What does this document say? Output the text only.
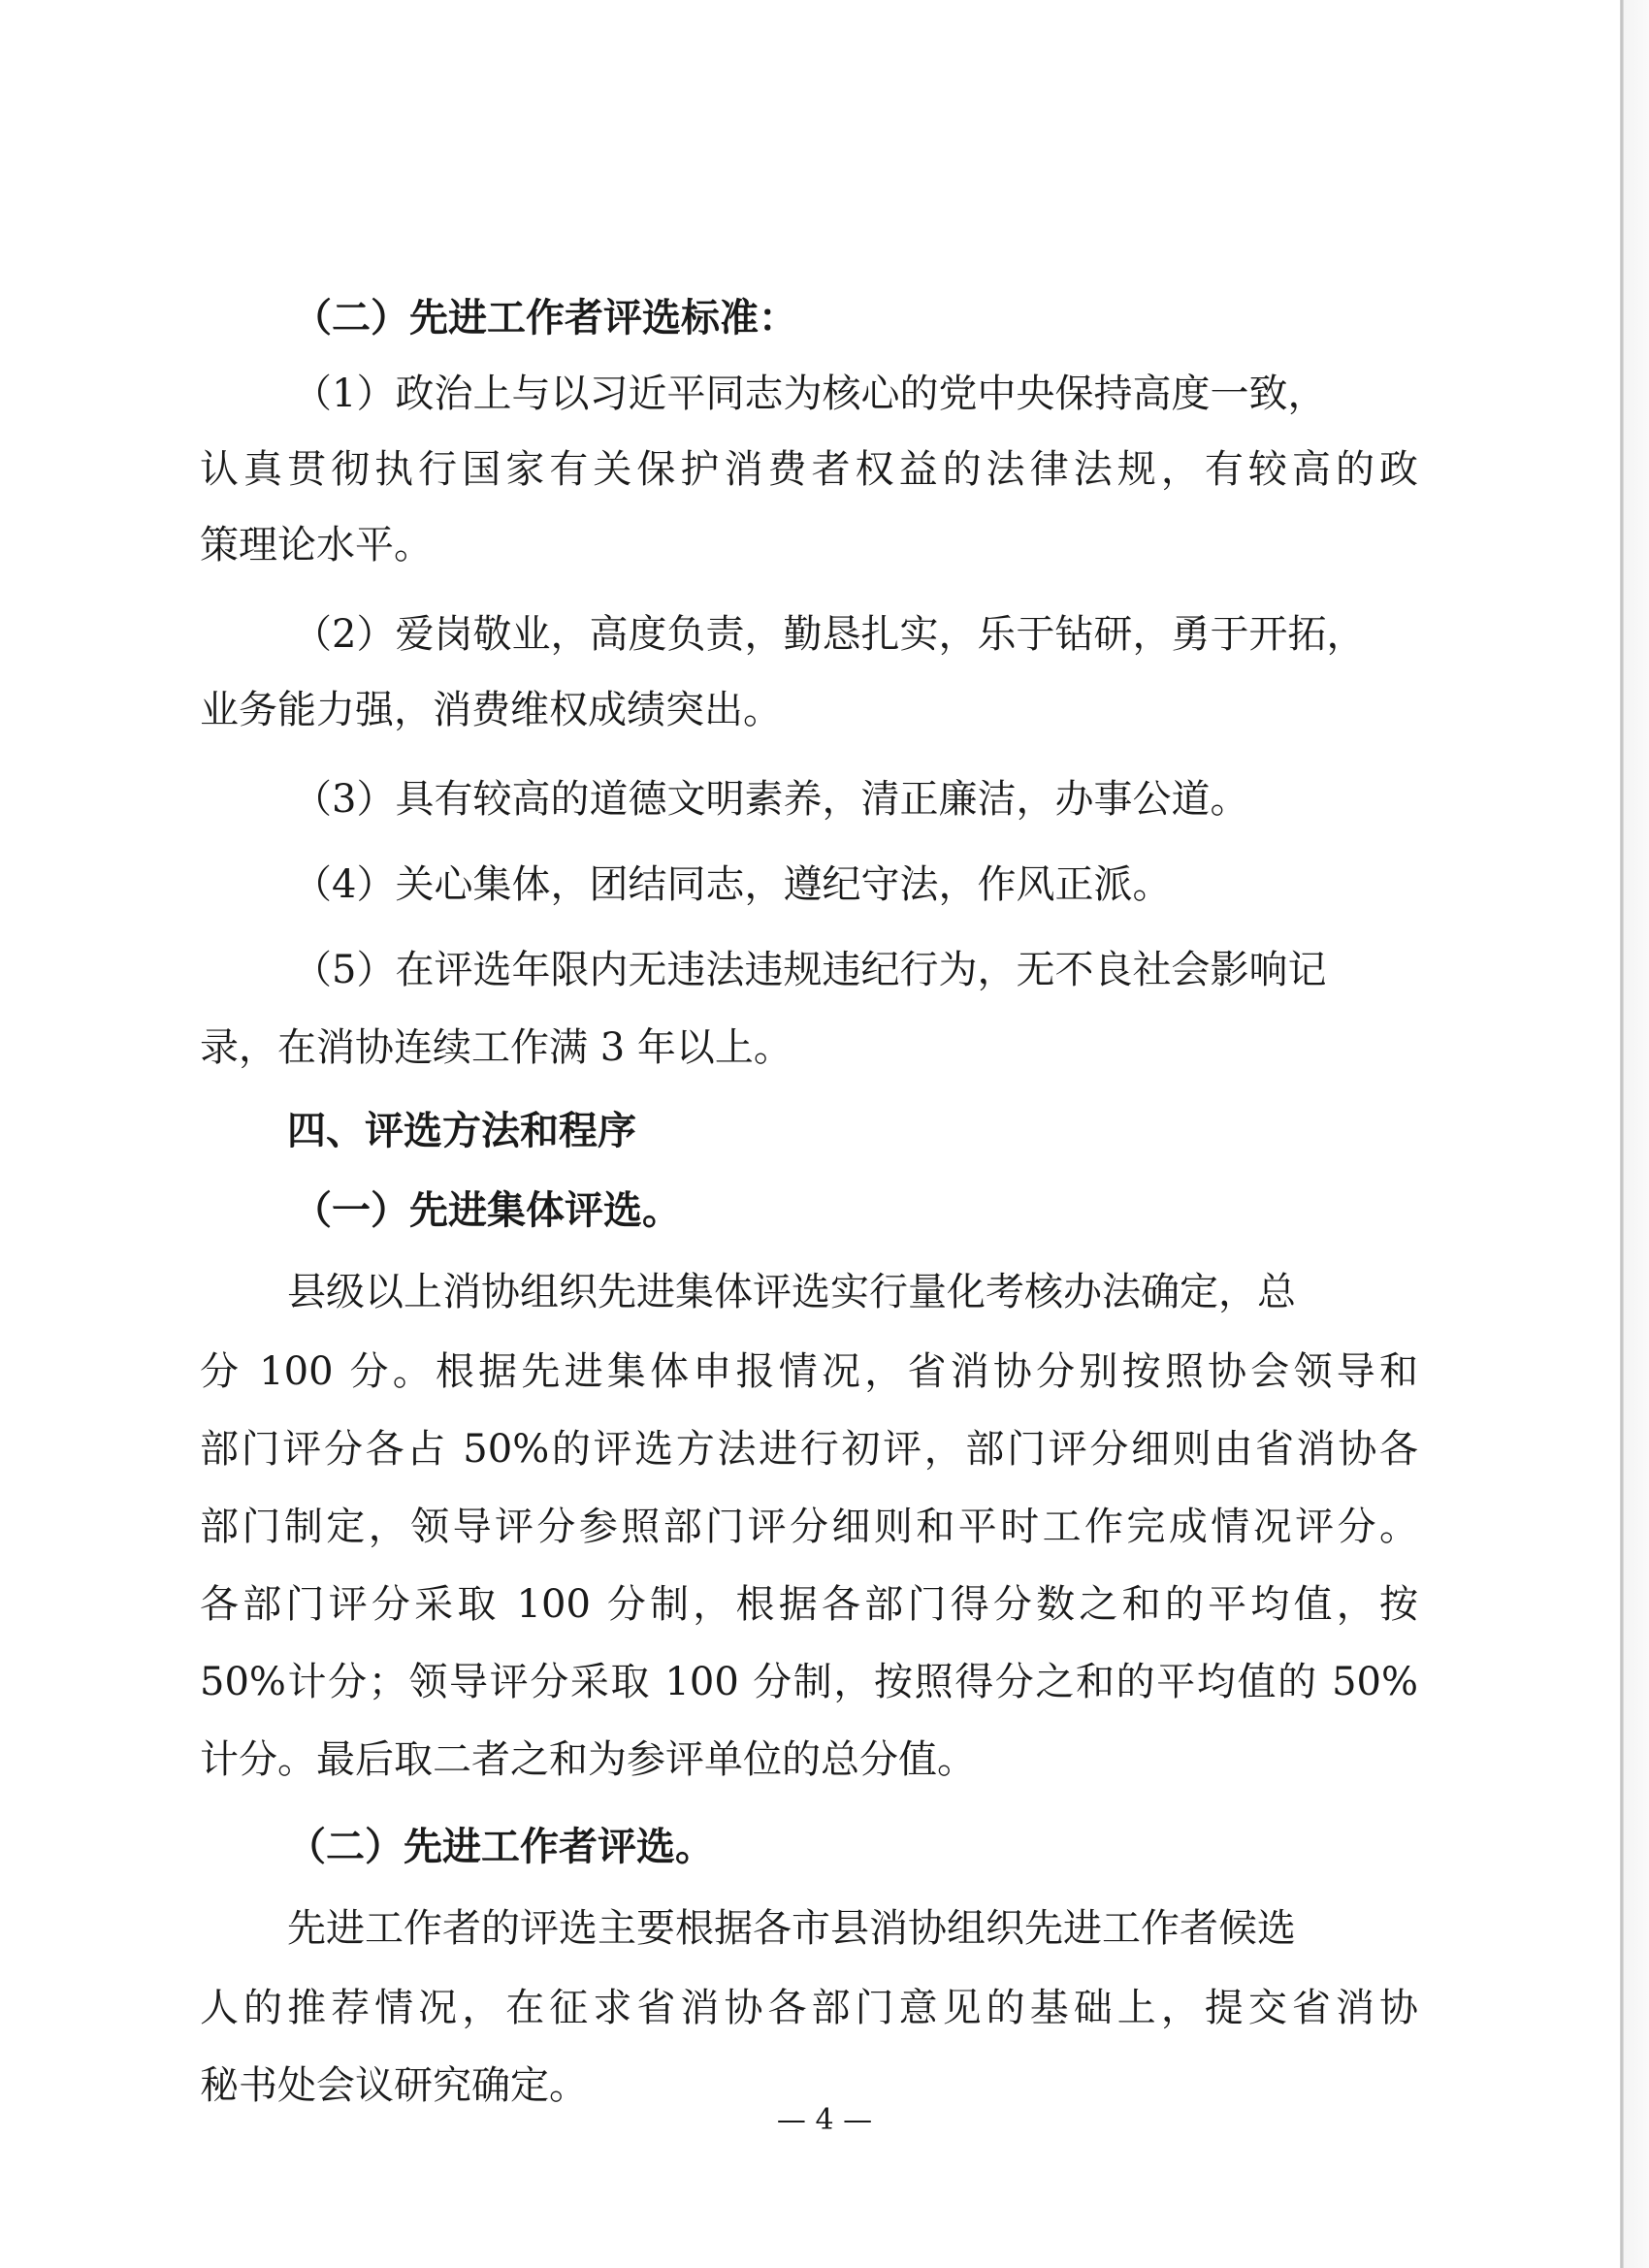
（二）先进工作者评选标准：
（1）政治上与以习近平同志为核心的党中央保持高度一致，
认真贯彻执行国家有关保护消费者权益的法律法规，有较高的政
策理论水平。
（2）爱岗敬业，高度负责，勤恳扎实，乐于钻研，勇于开拓，
业务能力强，消费维权成绩突出。
（3）具有较高的道德文明素养，清正廉洁，办事公道。
（4）关心集体，团结同志，遵纪守法，作风正派。
（5）在评选年限内无违法违规违纪行为，无不良社会影响记
录，在消协连续工作满 3 年以上。
四、评选方法和程序
（一）先进集体评选。
县级以上消协组织先进集体评选实行量化考核办法确定，总
分 100 分。根据先进集体申报情况，省消协分别按照协会领导和
部门评分各占 50%的评选方法进行初评，部门评分细则由省消协各
部门制定，领导评分参照部门评分细则和平时工作完成情况评分。
各部门评分采取 100 分制，根据各部门得分数之和的平均值，按
50%计分；领导评分采取 100 分制，按照得分之和的平均值的 50%
计分。最后取二者之和为参评单位的总分值。
（二）先进工作者评选。
先进工作者的评选主要根据各市县消协组织先进工作者候选
人的推荐情况，在征求省消协各部门意见的基础上，提交省消协
秘书处会议研究确定。
— 4 —
